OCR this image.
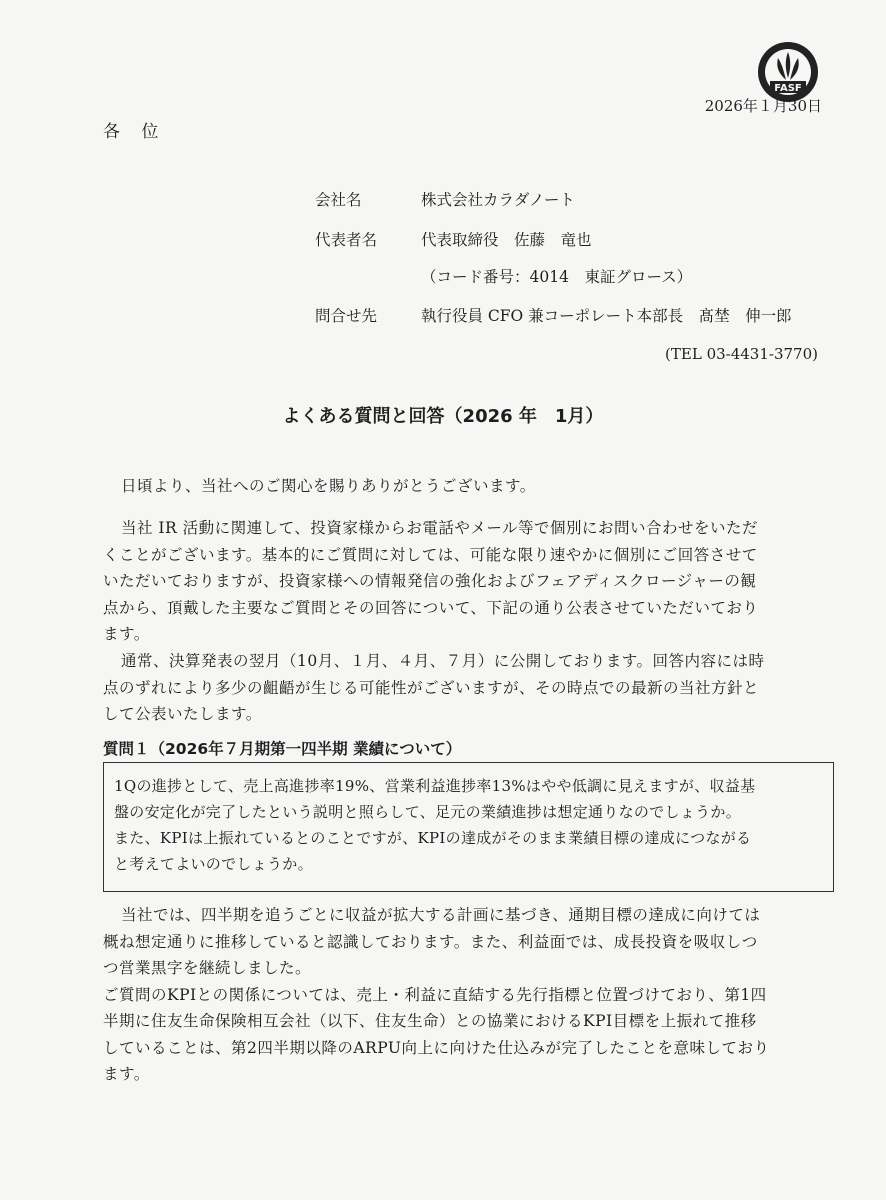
FASF
2026年１月30日
各 位
会社名	株式会社カラダノート
代表者名	代表取締役　佐藤　竜也
（コード番号：4014　東証グロース）
問合せ先	執行役員 CFO 兼コーポレート本部長　髙埜　伸一郎
(TEL 03-4431-3770)
よくある質問と回答（2026 年　1月）
日頃より、当社へのご関心を賜りありがとうございます。
当社 IR 活動に関連して、投資家様からお電話やメール等で個別にお問い合わせをいただ
くことがございます。基本的にご質問に対しては、可能な限り速やかに個別にご回答させて
いただいておりますが、投資家様への情報発信の強化およびフェアディスクロージャーの観
点から、頂戴した主要なご質問とその回答について、下記の通り公表させていただいており
ます。
通常、決算発表の翌月（10月、１月、４月、７月）に公開しております。回答内容には時
点のずれにより多少の齟齬が生じる可能性がございますが、その時点での最新の当社方針と
して公表いたします。
質問１（2026年７月期第一四半期 業績について）
1Qの進捗として、売上高進捗率19%、営業利益進捗率13%はやや低調に見えますが、収益基
盤の安定化が完了したという説明と照らして、足元の業績進捗は想定通りなのでしょうか。
また、KPIは上振れているとのことですが、KPIの達成がそのまま業績目標の達成につながる
と考えてよいのでしょうか。
当社では、四半期を追うごとに収益が拡大する計画に基づき、通期目標の達成に向けては
概ね想定通りに推移していると認識しております。また、利益面では、成長投資を吸収しつ
つ営業黒字を継続しました。
ご質問のKPIとの関係については、売上・利益に直結する先行指標と位置づけており、第1四
半期に住友生命保険相互会社（以下、住友生命）との協業におけるKPI目標を上振れて推移
していることは、第2四半期以降のARPU向上に向けた仕込みが完了したことを意味しており
ます。
